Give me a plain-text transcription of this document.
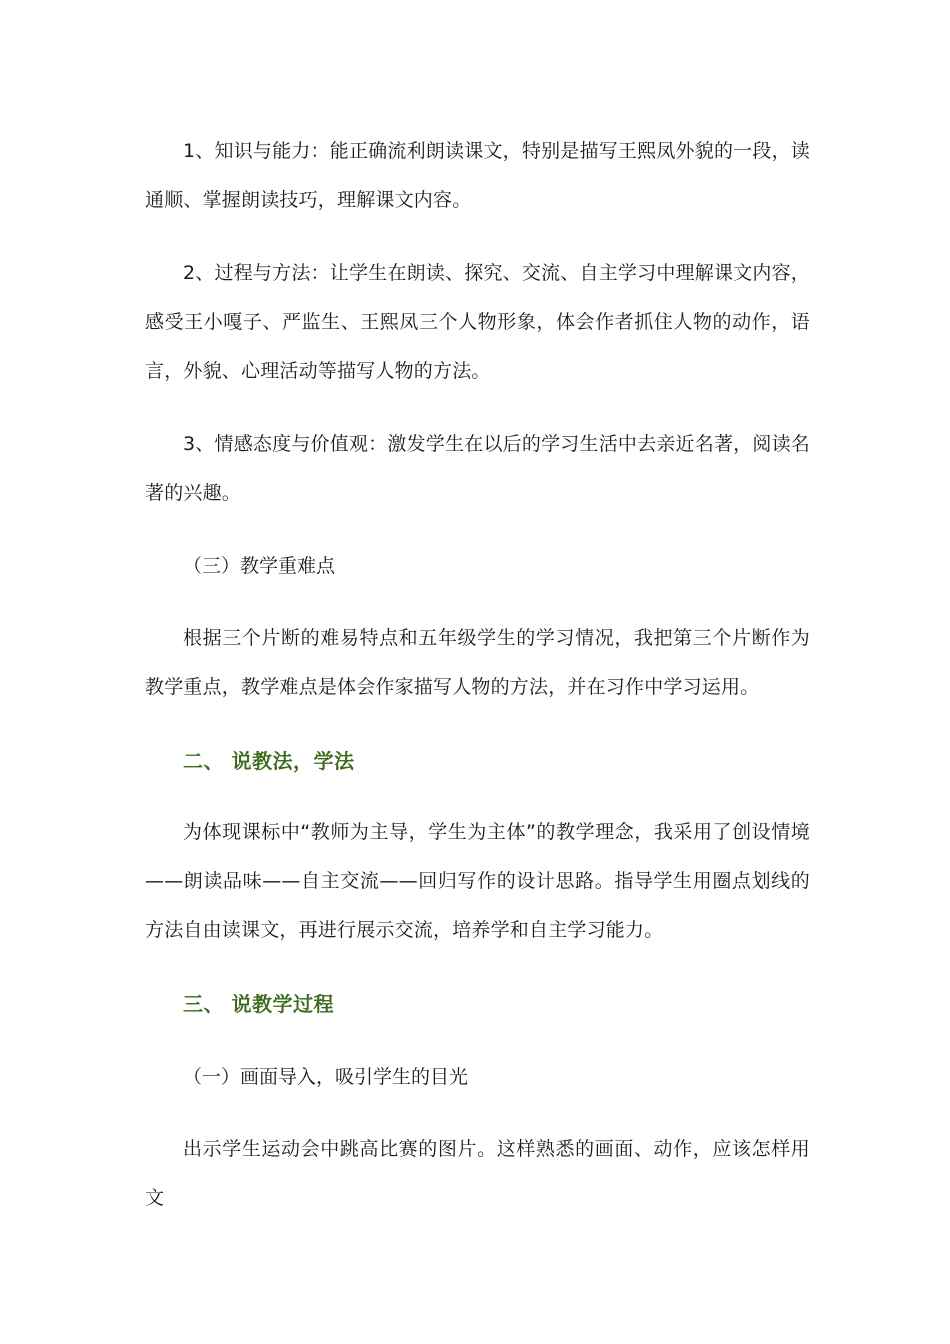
1、知识与能力：能正确流利朗读课文，特别是描写王熙凤外貌的一段，读通顺、掌握朗读技巧，理解课文内容。

2、过程与方法：让学生在朗读、探究、交流、自主学习中理解课文内容，感受王小嘎子、严监生、王熙凤三个人物形象，体会作者抓住人物的动作，语言，外貌、心理活动等描写人物的方法。

3、情感态度与价值观：激发学生在以后的学习生活中去亲近名著，阅读名著的兴趣。

（三）教学重难点

根据三个片断的难易特点和五年级学生的学习情况，我把第三个片断作为教学重点，教学难点是体会作家描写人物的方法，并在习作中学习运用。

二、 说教法，学法

为体现课标中“教师为主导，学生为主体”的教学理念，我采用了创设情境——朗读品味——自主交流——回归写作的设计思路。指导学生用圈点划线的方法自由读课文，再进行展示交流，培养学和自主学习能力。

三、 说教学过程

（一）画面导入，吸引学生的目光

出示学生运动会中跳高比赛的图片。这样熟悉的画面、动作，应该怎样用文
